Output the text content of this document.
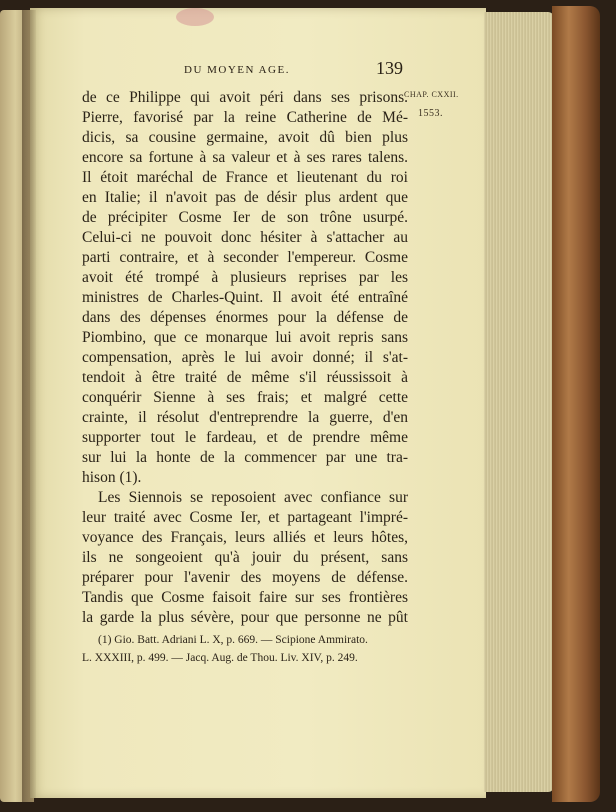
DU MOYEN AGE.	139
CHAP. CXXII.
1553.
de ce Philippe qui avoit péri dans ses prisons.
Pierre, favorisé par la reine Catherine de Mé-
dicis, sa cousine germaine, avoit dû bien plus
encore sa fortune à sa valeur et à ses rares talens.
Il étoit maréchal de France et lieutenant du roi
en Italie; il n'avoit pas de désir plus ardent que
de précipiter Cosme Ier de son trône usurpé.
Celui-ci ne pouvoit donc hésiter à s'attacher au
parti contraire, et à seconder l'empereur. Cosme
avoit été trompé à plusieurs reprises par les
ministres de Charles-Quint. Il avoit été entraîné
dans des dépenses énormes pour la défense de
Piombino, que ce monarque lui avoit repris sans
compensation, après le lui avoir donné; il s'at-
tendoit à être traité de même s'il réussissoit à
conquérir Sienne à ses frais; et malgré cette
crainte, il résolut d'entreprendre la guerre, d'en
supporter tout le fardeau, et de prendre même
sur lui la honte de la commencer par une tra-
hison (1).
Les Siennois se reposoient avec confiance sur
leur traité avec Cosme Ier, et partageant l'impré-
voyance des Français, leurs alliés et leurs hôtes,
ils ne songeoient qu'à jouir du présent, sans
préparer pour l'avenir des moyens de défense.
Tandis que Cosme faisoit faire sur ses frontières
la garde la plus sévère, pour que personne ne pût
(1) Gio. Batt. Adriani L. X, p. 669. — Scipione Ammirato.
L. XXXIII, p. 499. — Jacq. Aug. de Thou. Liv. XIV, p. 249.
